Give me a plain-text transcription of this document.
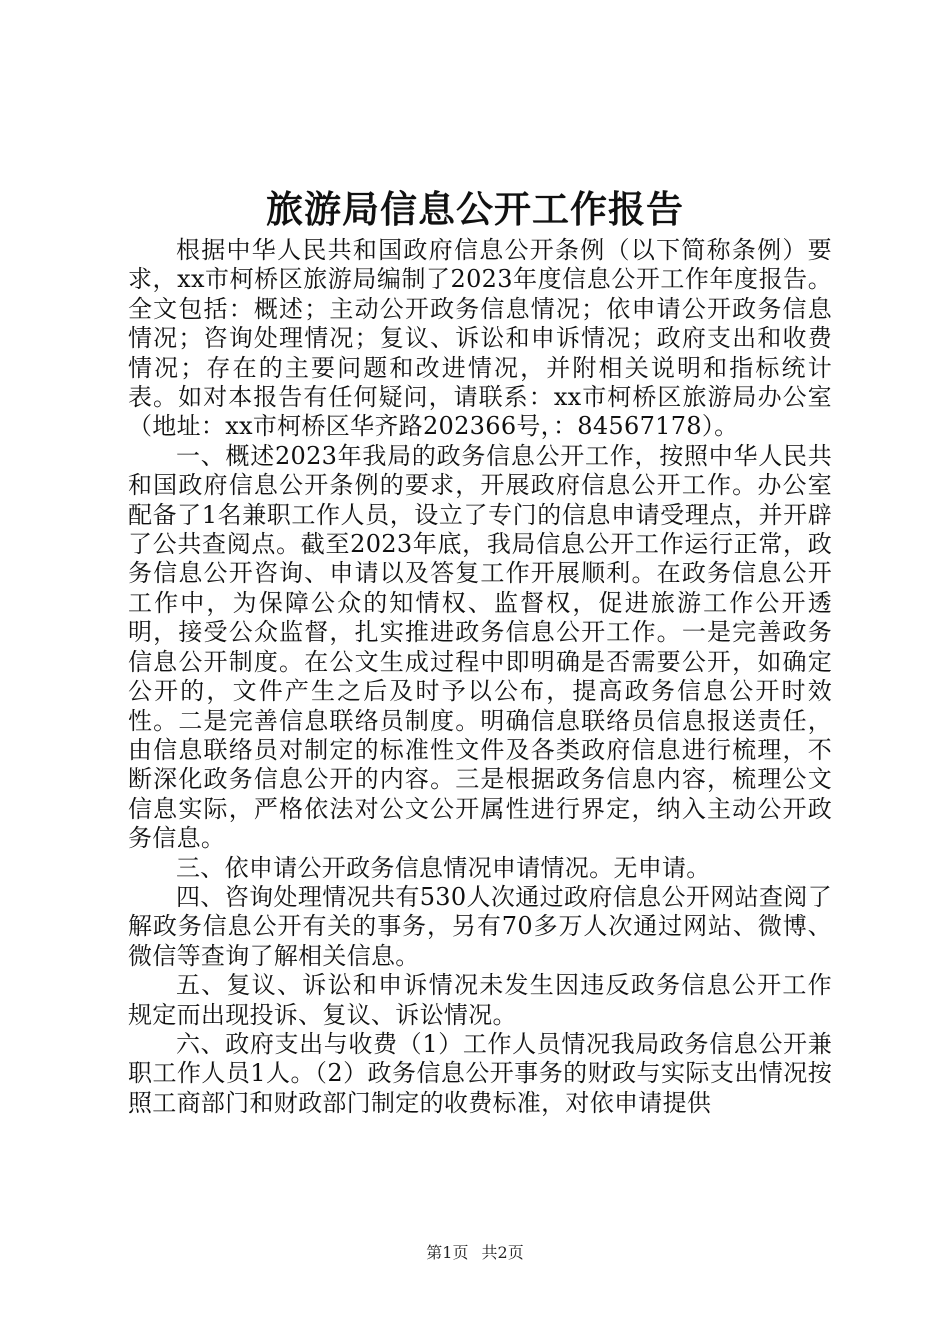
旅游局信息公开工作报告

根据中华人民共和国政府信息公开条例（以下简称条例）要求，xx市柯桥区旅游局编制了2023年度信息公开工作年度报告。全文包括：概述；主动公开政务信息情况；依申请公开政务信息情况；咨询处理情况；复议、诉讼和申诉情况；政府支出和收费情况；存在的主要问题和改进情况，并附相关说明和指标统计表。如对本报告有任何疑问，请联系：xx市柯桥区旅游局办公室（地址：xx市柯桥区华齐路202366号，：84567178）。

一、概述2023年我局的政务信息公开工作，按照中华人民共和国政府信息公开条例的要求，开展政府信息公开工作。办公室配备了1名兼职工作人员，设立了专门的信息申请受理点，并开辟了公共查阅点。截至2023年底，我局信息公开工作运行正常，政务信息公开咨询、申请以及答复工作开展顺利。在政务信息公开工作中，为保障公众的知情权、监督权，促进旅游工作公开透明，接受公众监督，扎实推进政务信息公开工作。一是完善政务信息公开制度。在公文生成过程中即明确是否需要公开，如确定公开的，文件产生之后及时予以公布，提高政务信息公开时效性。二是完善信息联络员制度。明确信息联络员信息报送责任，由信息联络员对制定的标准性文件及各类政府信息进行梳理，不断深化政务信息公开的内容。三是根据政务信息内容，梳理公文信息实际，严格依法对公文公开属性进行界定，纳入主动公开政务信息。

三、依申请公开政务信息情况申请情况。无申请。

四、咨询处理情况共有530人次通过政府信息公开网站查阅了解政务信息公开有关的事务，另有70多万人次通过网站、微博、微信等查询了解相关信息。

五、复议、诉讼和申诉情况未发生因违反政务信息公开工作规定而出现投诉、复议、诉讼情况。

六、政府支出与收费（1）工作人员情况我局政务信息公开兼职工作人员1人。（2）政务信息公开事务的财政与实际支出情况按照工商部门和财政部门制定的收费标准，对依申请提供

第1页 共2页
